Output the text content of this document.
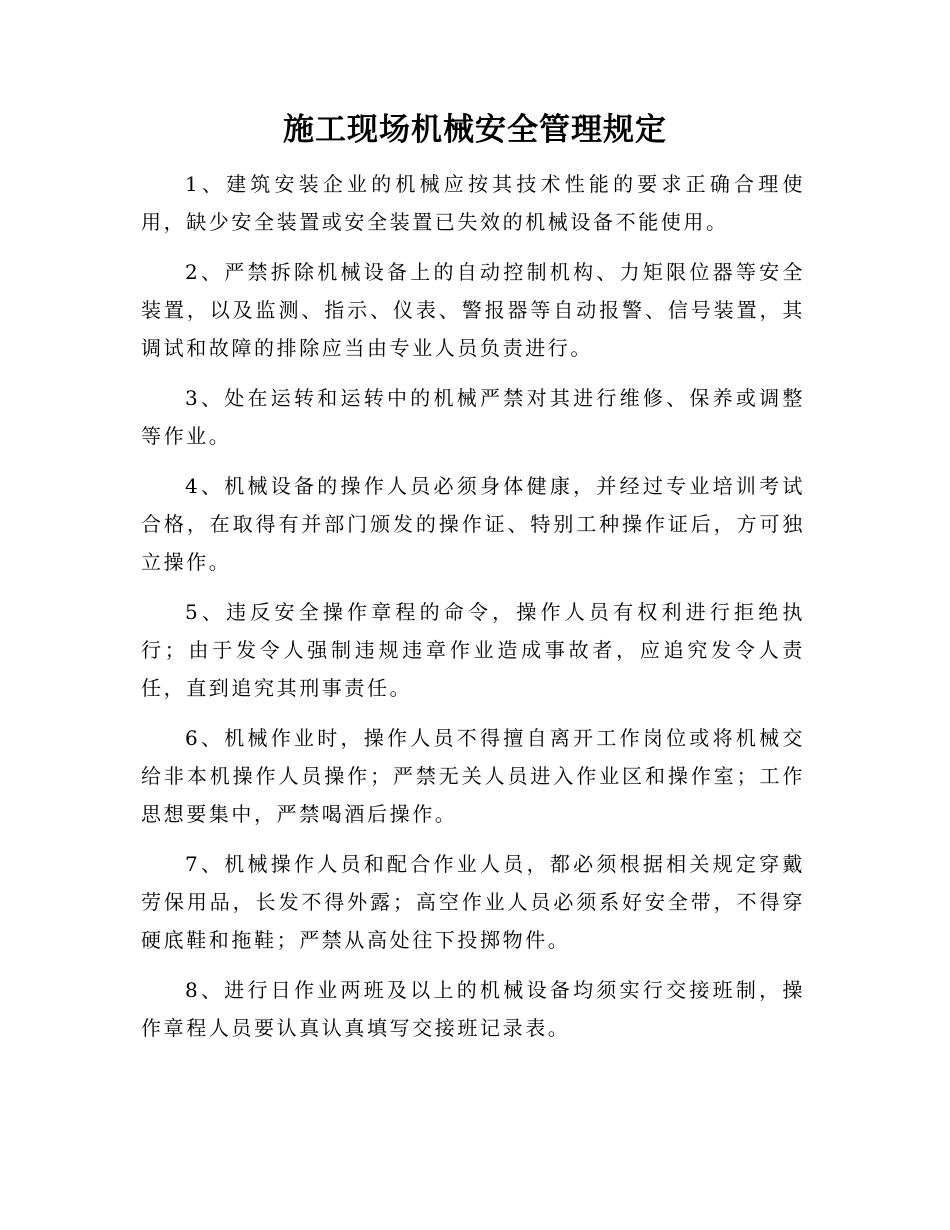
施工现场机械安全管理规定

1、建筑安装企业的机械应按其技术性能的要求正确合理使用，缺少安全装置或安全装置已失效的机械设备不能使用。

2、严禁拆除机械设备上的自动控制机构、力矩限位器等安全装置，以及监测、指示、仪表、警报器等自动报警、信号装置，其调试和故障的排除应当由专业人员负责进行。

3、处在运转和运转中的机械严禁对其进行维修、保养或调整等作业。

4、机械设备的操作人员必须身体健康，并经过专业培训考试合格，在取得有并部门颁发的操作证、特别工种操作证后，方可独立操作。

5、违反安全操作章程的命令，操作人员有权利进行拒绝执行；由于发令人强制违规违章作业造成事故者，应追究发令人责任，直到追究其刑事责任。

6、机械作业时，操作人员不得擅自离开工作岗位或将机械交给非本机操作人员操作；严禁无关人员进入作业区和操作室；工作思想要集中，严禁喝酒后操作。

7、机械操作人员和配合作业人员，都必须根据相关规定穿戴劳保用品，长发不得外露；高空作业人员必须系好安全带，不得穿硬底鞋和拖鞋；严禁从高处往下投掷物件。

8、进行日作业两班及以上的机械设备均须实行交接班制，操作章程人员要认真认真填写交接班记录表。
